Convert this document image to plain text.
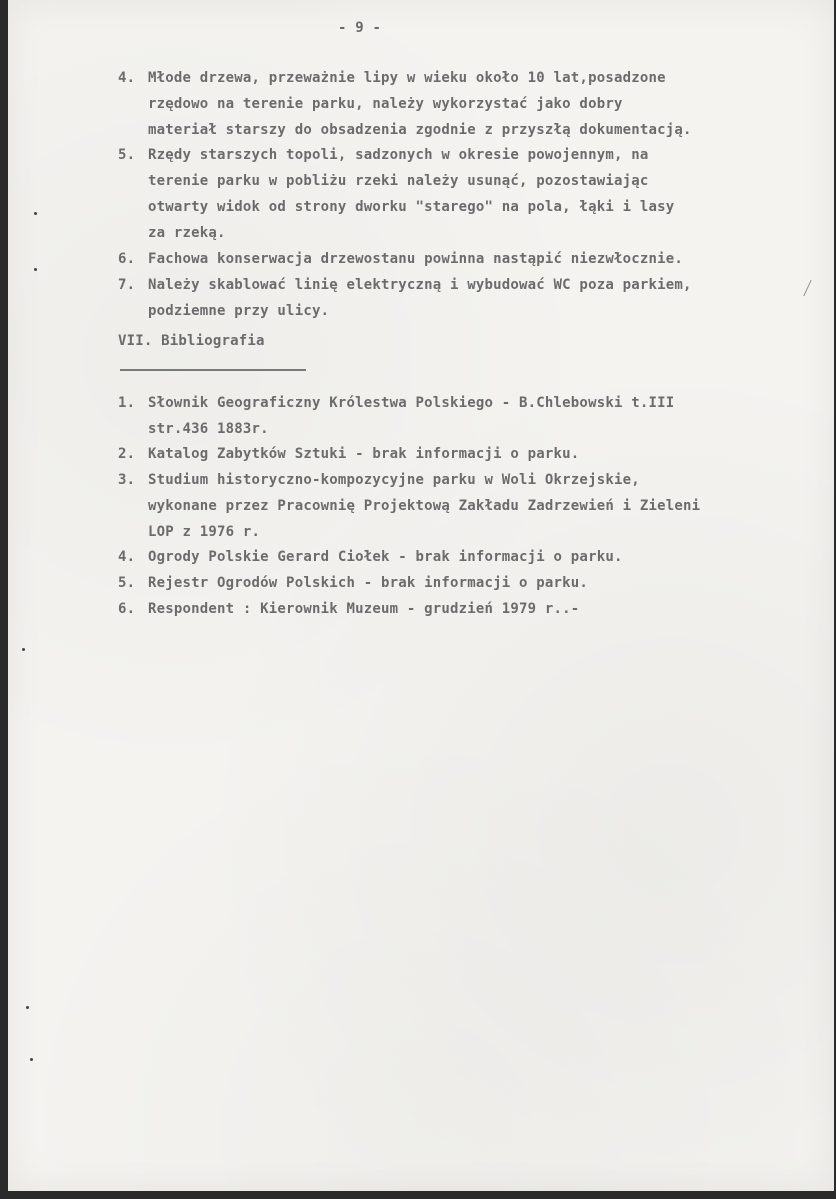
- 9 -
4. Młode drzewa, przeważnie lipy w wieku około 10 lat,posadzone
rzędowo na terenie parku, należy wykorzystać jako dobry
materiał starszy do obsadzenia zgodnie z przyszłą dokumentacją.
5. Rzędy starszych topoli, sadzonych w okresie powojennym, na
terenie parku w pobliżu rzeki należy usunąć, pozostawiając
otwarty widok od strony dworku "starego" na pola, łąki i lasy
za rzeką.
6. Fachowa konserwacja drzewostanu powinna nastąpić niezwłocznie.
7. Należy skablować linię elektryczną i wybudować WC poza parkiem,
podziemne przy ulicy.
VII. Bibliografia
1. Słownik Geograficzny Królestwa Polskiego - B.Chlebowski t.III
str.436 1883r.
2. Katalog Zabytków Sztuki - brak informacji o parku.
3. Studium historyczno-kompozycyjne parku w Woli Okrzejskie,
wykonane przez Pracownię Projektową Zakładu Zadrzewień i Zieleni
LOP z 1976 r.
4. Ogrody Polskie Gerard Ciołek - brak informacji o parku.
5. Rejestr Ogrodów Polskich - brak informacji o parku.
6. Respondent : Kierownik Muzeum - grudzień 1979 r..-
